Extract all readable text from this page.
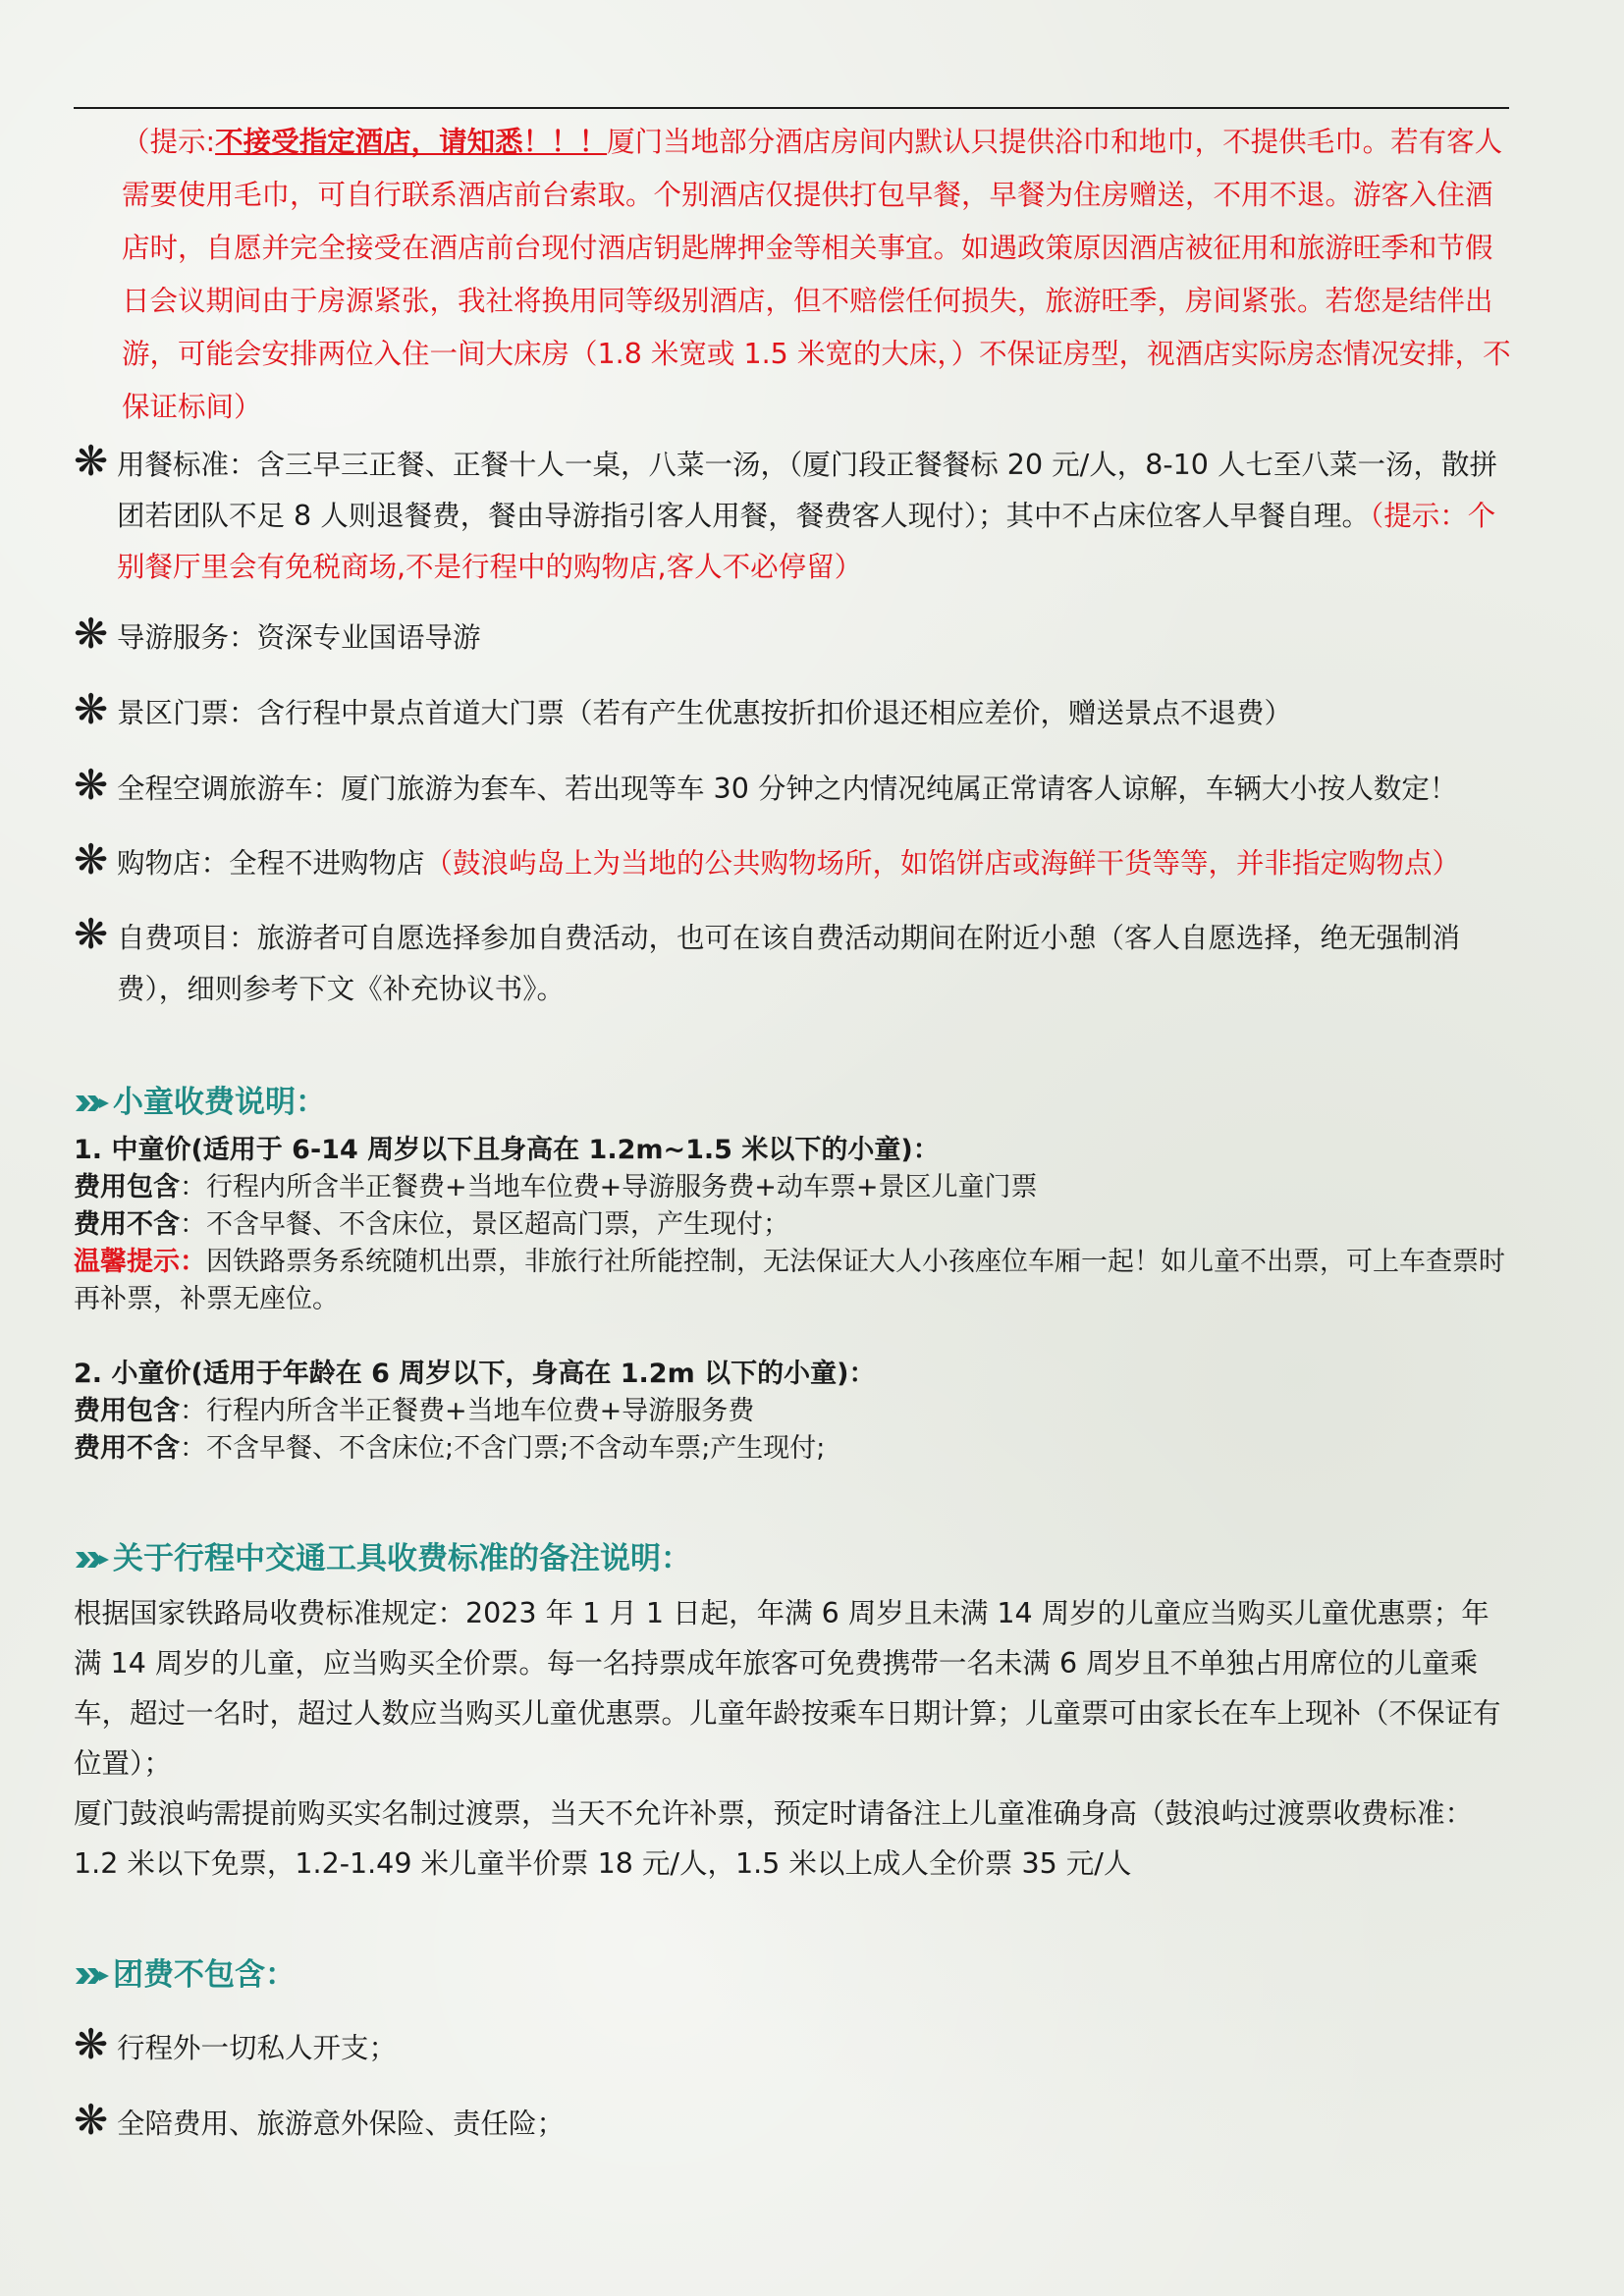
（提示:不接受指定酒店，请知悉！！！厦门当地部分酒店房间内默认只提供浴巾和地巾，不提供毛巾。若有客人需要使用毛巾，可自行联系酒店前台索取。个别酒店仅提供打包早餐，早餐为住房赠送，不用不退。游客入住酒店时，自愿并完全接受在酒店前台现付酒店钥匙牌押金等相关事宜。如遇政策原因酒店被征用和旅游旺季和节假日会议期间由于房源紧张，我社将换用同等级别酒店，但不赔偿任何损失，旅游旺季，房间紧张。若您是结伴出游，可能会安排两位入住一间大床房（1.8 米宽或 1.5 米宽的大床，）不保证房型，视酒店实际房态情况安排，不保证标间）
❋ 用餐标准：含三早三正餐、正餐十人一桌，八菜一汤，（厦门段正餐餐标 20 元/人，8-10 人七至八菜一汤，散拼团若团队不足 8 人则退餐费，餐由导游指引客人用餐，餐费客人现付）；其中不占床位客人早餐自理。（提示：个别餐厅里会有免税商场,不是行程中的购物店,客人不必停留）
❋ 导游服务：资深专业国语导游
❋ 景区门票：含行程中景点首道大门票（若有产生优惠按折扣价退还相应差价，赠送景点不退费）
❋ 全程空调旅游车：厦门旅游为套车、若出现等车 30 分钟之内情况纯属正常请客人谅解，车辆大小按人数定！
❋ 购物店：全程不进购物店（鼓浪屿岛上为当地的公共购物场所，如馅饼店或海鲜干货等等，并非指定购物点）
❋ 自费项目：旅游者可自愿选择参加自费活动，也可在该自费活动期间在附近小憩（客人自愿选择，绝无强制消费），细则参考下文《补充协议书》。
小童收费说明：
1. 中童价(适用于 6-14 周岁以下且身高在 1.2m~1.5 米以下的小童)：
费用包含：行程内所含半正餐费+当地车位费+导游服务费+动车票+景区儿童门票
费用不含：不含早餐、不含床位，景区超高门票，产生现付；
温馨提示：因铁路票务系统随机出票，非旅行社所能控制，无法保证大人小孩座位车厢一起！如儿童不出票，可上车查票时再补票，补票无座位。
2. 小童价(适用于年龄在 6 周岁以下，身高在 1.2m 以下的小童)：
费用包含：行程内所含半正餐费+当地车位费+导游服务费
费用不含：不含早餐、不含床位;不含门票;不含动车票;产生现付;
关于行程中交通工具收费标准的备注说明：
根据国家铁路局收费标准规定：2023 年 1 月 1 日起，年满 6 周岁且未满 14 周岁的儿童应当购买儿童优惠票；年满 14 周岁的儿童，应当购买全价票。每一名持票成年旅客可免费携带一名未满 6 周岁且不单独占用席位的儿童乘车，超过一名时，超过人数应当购买儿童优惠票。儿童年龄按乘车日期计算；儿童票可由家长在车上现补（不保证有位置）；
厦门鼓浪屿需提前购买实名制过渡票，当天不允许补票，预定时请备注上儿童准确身高（鼓浪屿过渡票收费标准：1.2 米以下免票，1.2-1.49 米儿童半价票 18 元/人，1.5 米以上成人全价票 35 元/人
团费不包含：
❋ 行程外一切私人开支；
❋ 全陪费用、旅游意外保险、责任险；
